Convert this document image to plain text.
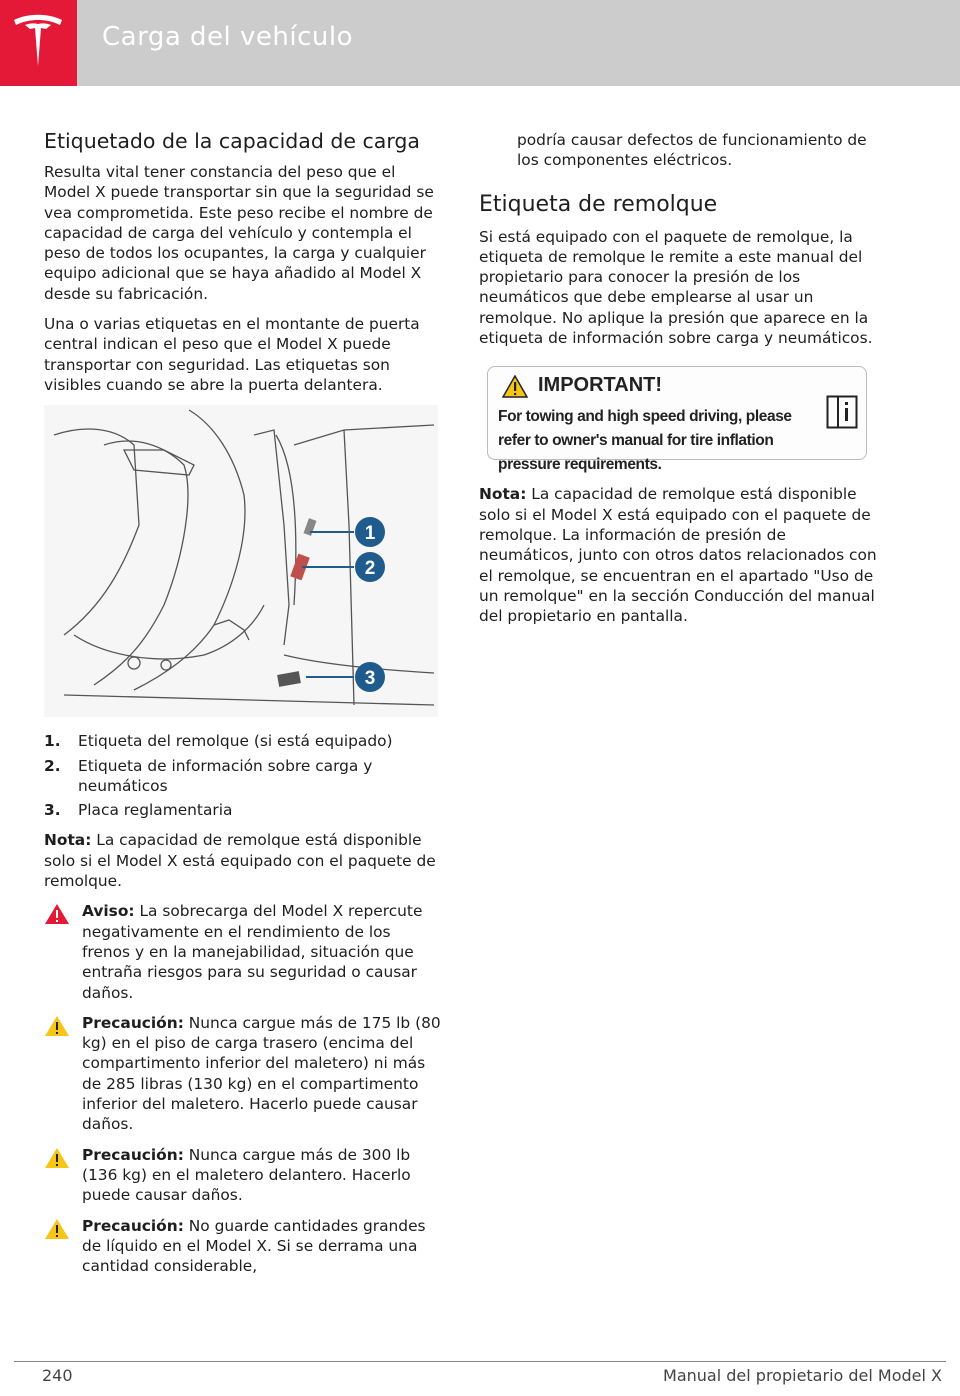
Carga del vehículo
Etiquetado de la capacidad de carga

Resulta vital tener constancia del peso que el Model X puede transportar sin que la seguridad se vea comprometida. Este peso recibe el nombre de capacidad de carga del vehículo y contempla el peso de todos los ocupantes, la carga y cualquier equipo adicional que se haya añadido al Model X desde su fabricación.

Una o varias etiquetas en el montante de puerta central indican el peso que el Model X puede transportar con seguridad. Las etiquetas son visibles cuando se abre la puerta delantera.

1
2
3
1. Etiqueta del remolque (si está equipado)
2. Etiqueta de información sobre carga y neumáticos
3. Placa reglamentaria

Nota: La capacidad de remolque está disponible solo si el Model X está equipado con el paquete de remolque.

Aviso: La sobrecarga del Model X repercute negativamente en el rendimiento de los frenos y en la manejabilidad, situación que entraña riesgos para su seguridad o causar daños.
Precaución: Nunca cargue más de 175 lb (80 kg) en el piso de carga trasero (encima del compartimento inferior del maletero) ni más de 285 libras (130 kg) en el compartimento inferior del maletero. Hacerlo puede causar daños.
Precaución: Nunca cargue más de 300 lb (136 kg) en el maletero delantero. Hacerlo puede causar daños.
Precaución: No guarde cantidades grandes de líquido en el Model X. Si se derrama una cantidad considerable,

podría causar defectos de funcionamiento de los componentes eléctricos.

Etiqueta de remolque

Si está equipado con el paquete de remolque, la etiqueta de remolque le remite a este manual del propietario para conocer la presión de los neumáticos que debe emplearse al usar un remolque. No aplique la presión que aparece en la etiqueta de información sobre carga y neumáticos.

IMPORTANT!
For towing and high speed driving, please refer to owner's manual for tire inflation pressure requirements.

Nota: La capacidad de remolque está disponible solo si el Model X está equipado con el paquete de remolque. La información de presión de neumáticos, junto con otros datos relacionados con el remolque, se encuentran en el apartado "Uso de un remolque" en la sección Conducción del manual del propietario en pantalla.

240	Manual del propietario del Model X
